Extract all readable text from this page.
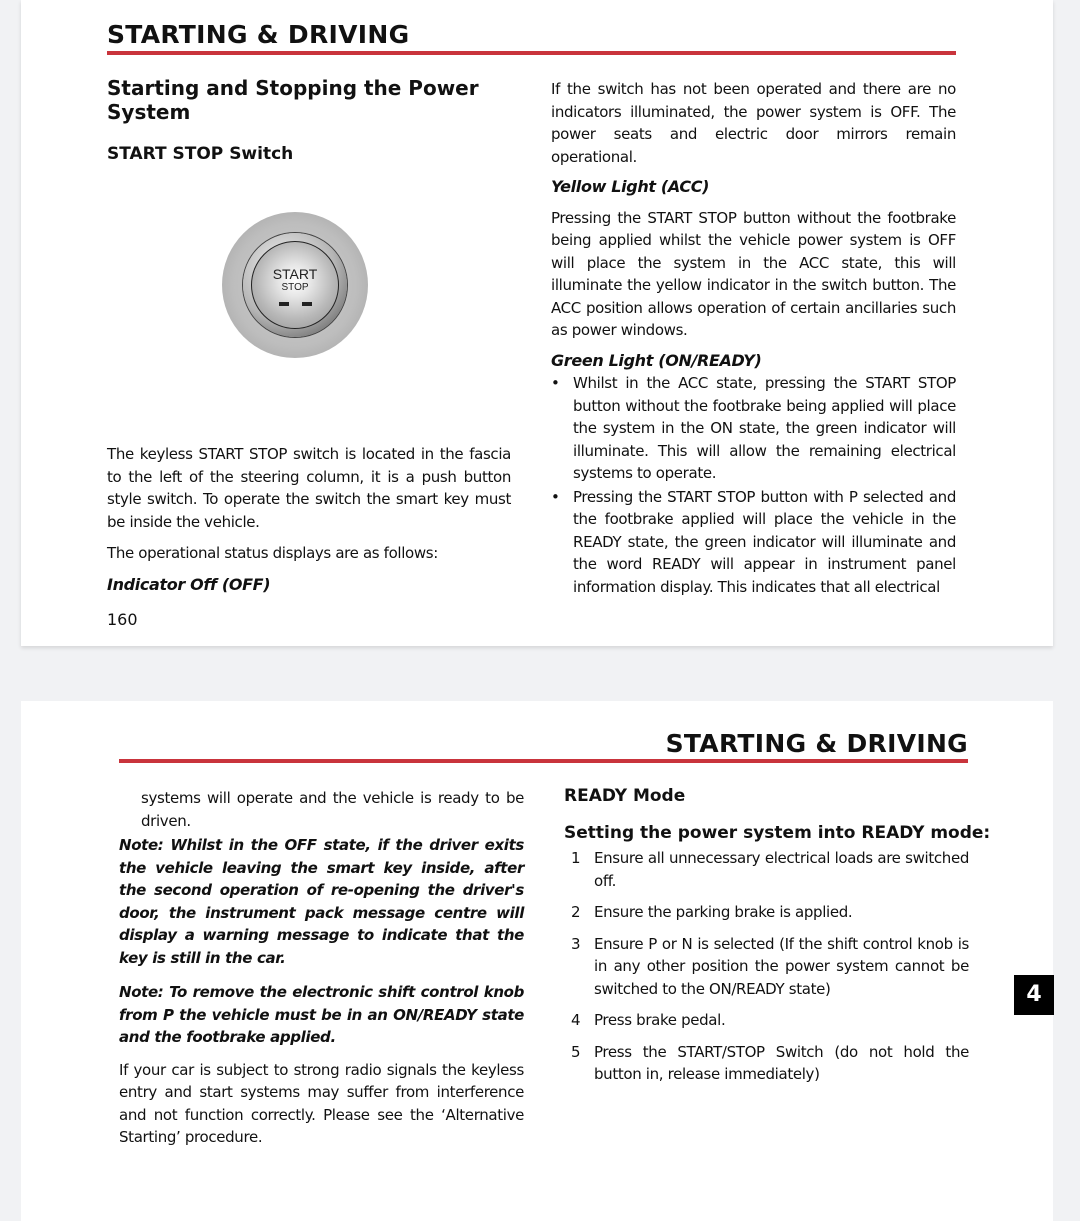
STARTING & DRIVING
Starting and Stopping the Power System
START STOP Switch
START
STOP

The keyless START STOP switch is located in the fascia to the left of the steering column, it is a push button style switch. To operate the switch the smart key must be inside the vehicle.

The operational status displays are as follows:

Indicator Off (OFF)

160

If the switch has not been operated and there are no indicators illuminated, the power system is OFF. The power seats and electric door mirrors remain operational.

Yellow Light (ACC)

Pressing the START STOP button without the footbrake being applied whilst the vehicle power system is OFF will place the system in the ACC state, this will illuminate the yellow indicator in the switch button. The ACC position allows operation of certain ancillaries such as power windows.

Green Light (ON/READY)

• Whilst in the ACC state, pressing the START STOP button without the footbrake being applied will place the system in the ON state, the green indicator will illuminate. This will allow the remaining electrical systems to operate.
• Pressing the START STOP button with P selected and the footbrake applied will place the vehicle in the READY state, the green indicator will illuminate and the word READY will appear in instrument panel information display. This indicates that all electrical
STARTING & DRIVING

systems will operate and the vehicle is ready to be driven.

Note: Whilst in the OFF state, if the driver exits the vehicle leaving the smart key inside, after the second operation of re-opening the driver's door, the instrument pack message centre will display a warning message to indicate that the key is still in the car.

Note: To remove the electronic shift control knob from P the vehicle must be in an ON/READY state and the footbrake applied.

If your car is subject to strong radio signals the keyless entry and start systems may suffer from interference and not function correctly. Please see the ‘Alternative Starting’ procedure.

READY Mode
Setting the power system into READY mode:
1 Ensure all unnecessary electrical loads are switched off.
2 Ensure the parking brake is applied.
3 Ensure P or N is selected (If the shift control knob is in any other position the power system cannot be switched to the ON/READY state)
4 Press brake pedal.
5 Press the START/STOP Switch (do not hold the button in, release immediately)
4
